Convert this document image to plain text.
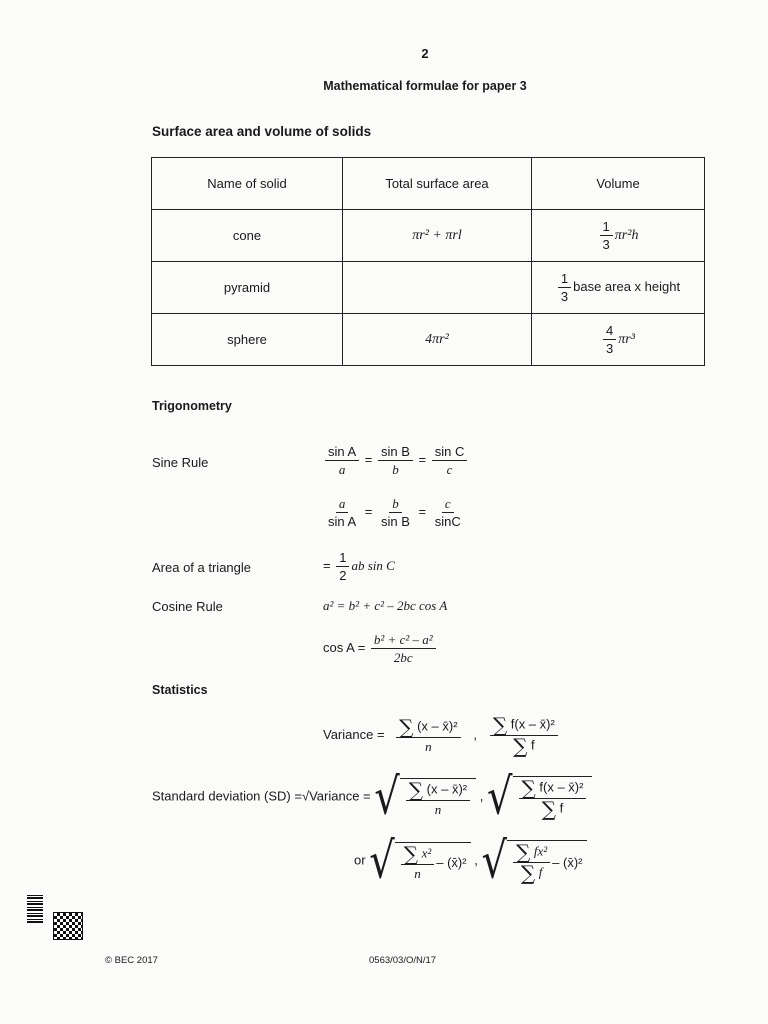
2
Mathematical formulae for paper 3
Surface area and volume of solids
Name of solid	Total surface area	Volume
cone	πr² + πrl	$\frac{1}{3} \pi r^2h$
pyramid		$\frac{1}{3}$ base area x height
sphere	4πr²	$\frac{4}{3} \pi r^3$
Trigonometry
Sine Rule	$\frac{\text{sin A}}{a} = \frac{\text{sin B}}{b} = \frac{\text{sin C}}{c}$
$\frac{a}{\text{sin A}} = \frac{b}{\text{sin B}} = \frac{c}{\sin C}$
Area of a triangle	= $\frac{1}{2}$ ab sin C
Cosine Rule	a² = b² + c² – 2bc cos A
$\cos A = \frac{\text{b² + c² – a²}}{2bc}$
Statistics
Variance = $\frac{\text{∑ (x – x̄)²}}{n}$ , $\frac{\text{∑ f(x – x̄)²}}{\sum f}$
Standard deviation (SD) =√Variance = √ $\frac{\text{∑ (x – x̄)²}}{n}$ , √ $\frac{\text{∑ f(x – x̄)²}}{\sum f}$
or √ $\frac{\text{∑ x²}}{n}$ – (x̄)² , √ $\frac{\text{∑ fx²}}{\sum f}$ – (x̄)²
© BEC 2017	0563/03/O/N/17
